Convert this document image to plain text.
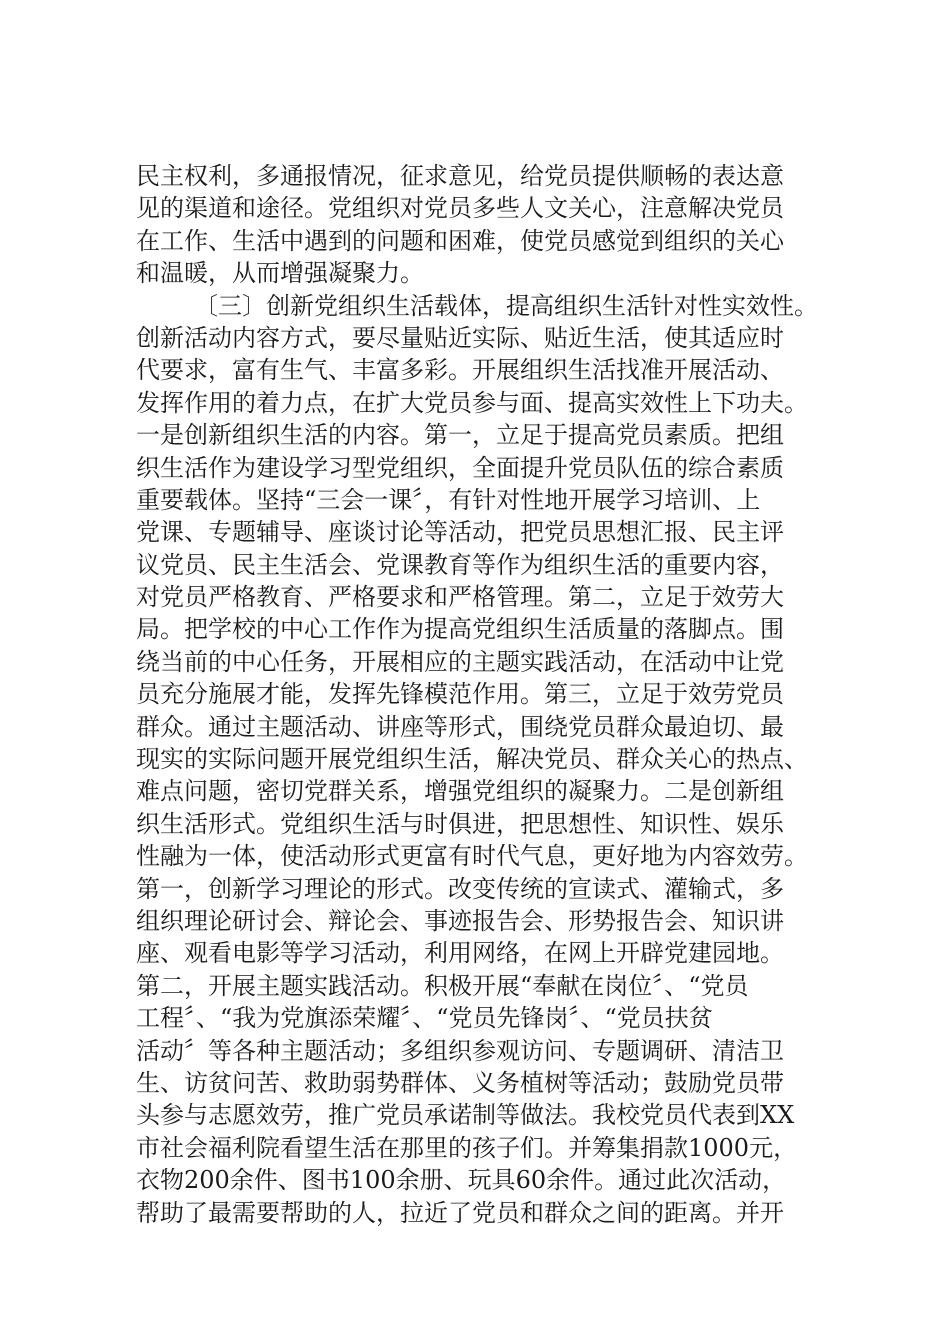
民主权利，多通报情况，征求意见，给党员提供顺畅的表达意
见的渠道和途径。党组织对党员多些人文关心，注意解决党员
在工作、生活中遇到的问题和困难，使党员感觉到组织的关心
和温暖，从而增强凝聚力。
〔三〕创新党组织生活载体，提高组织生活针对性实效性。
创新活动内容方式，要尽量贴近实际、贴近生活，使其适应时
代要求，富有生气、丰富多彩。开展组织生活找准开展活动、
发挥作用的着力点，在扩大党员参与面、提高实效性上下功夫。
一是创新组织生活的内容。第一，立足于提高党员素质。把组
织生活作为建设学习型党组织，全面提升党员队伍的综合素质
重要载体。坚持“三会一课〞，有针对性地开展学习培训、上
党课、专题辅导、座谈讨论等活动，把党员思想汇报、民主评
议党员、民主生活会、党课教育等作为组织生活的重要内容，
对党员严格教育、严格要求和严格管理。第二，立足于效劳大
局。把学校的中心工作作为提高党组织生活质量的落脚点。围
绕当前的中心任务，开展相应的主题实践活动，在活动中让党
员充分施展才能，发挥先锋模范作用。第三，立足于效劳党员
群众。通过主题活动、讲座等形式，围绕党员群众最迫切、最
现实的实际问题开展党组织生活，解决党员、群众关心的热点、
难点问题，密切党群关系，增强党组织的凝聚力。二是创新组
织生活形式。党组织生活与时俱进，把思想性、知识性、娱乐
性融为一体，使活动形式更富有时代气息，更好地为内容效劳。
第一，创新学习理论的形式。改变传统的宣读式、灌输式，多
组织理论研讨会、辩论会、事迹报告会、形势报告会、知识讲
座、观看电影等学习活动，利用网络，在网上开辟党建园地。
第二，开展主题实践活动。积极开展“奉献在岗位〞、“党员
工程〞、“我为党旗添荣耀〞、“党员先锋岗〞、“党员扶贫
活动〞等各种主题活动；多组织参观访问、专题调研、清洁卫
生、访贫问苦、救助弱势群体、义务植树等活动；鼓励党员带
头参与志愿效劳，推广党员承诺制等做法。我校党员代表到XX
市社会福利院看望生活在那里的孩子们。并筹集捐款1000元，
衣物200余件、图书100余册、玩具60余件。通过此次活动，
帮助了最需要帮助的人，拉近了党员和群众之间的距离。并开
